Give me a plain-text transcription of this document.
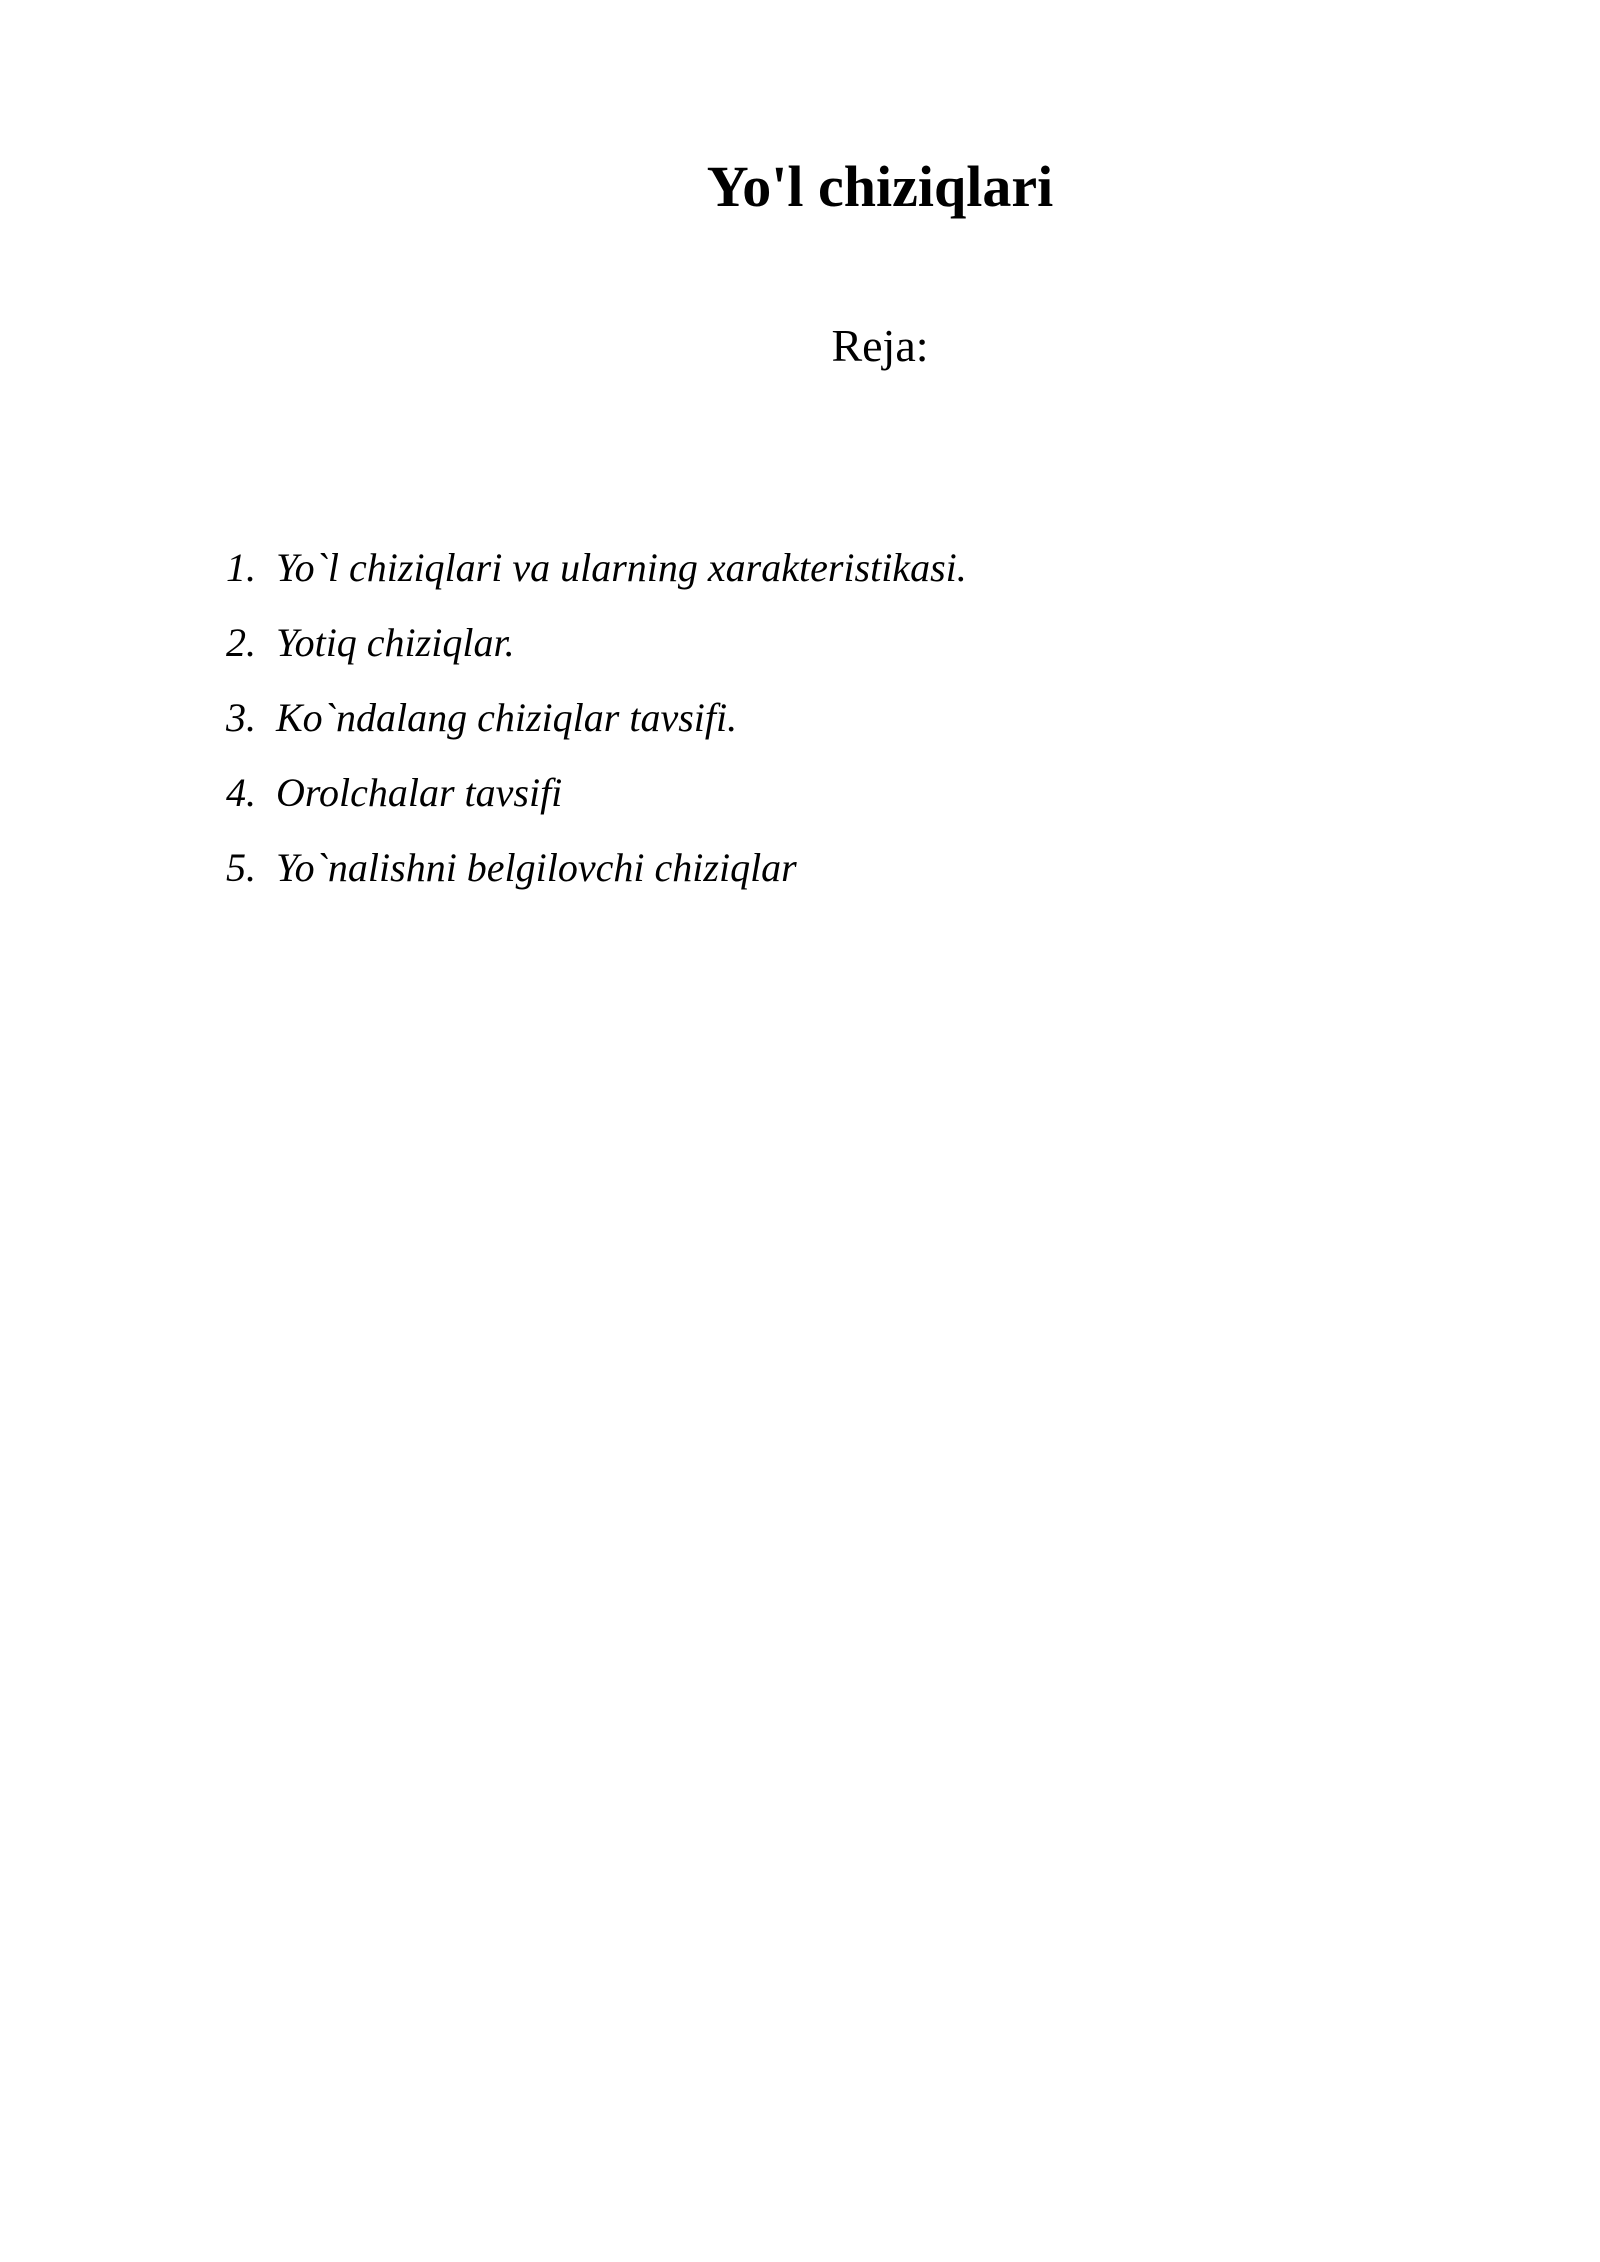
Yo'l chiziqlari
Reja:
1. Yo`l chiziqlari va ularning xarakteristikasi.
2. Yotiq chiziqlar.
3. Ko`ndalang chiziqlar tavsifi.
4. Orolchalar tavsifi
5. Yo`nalishni belgilovchi chiziqlar
